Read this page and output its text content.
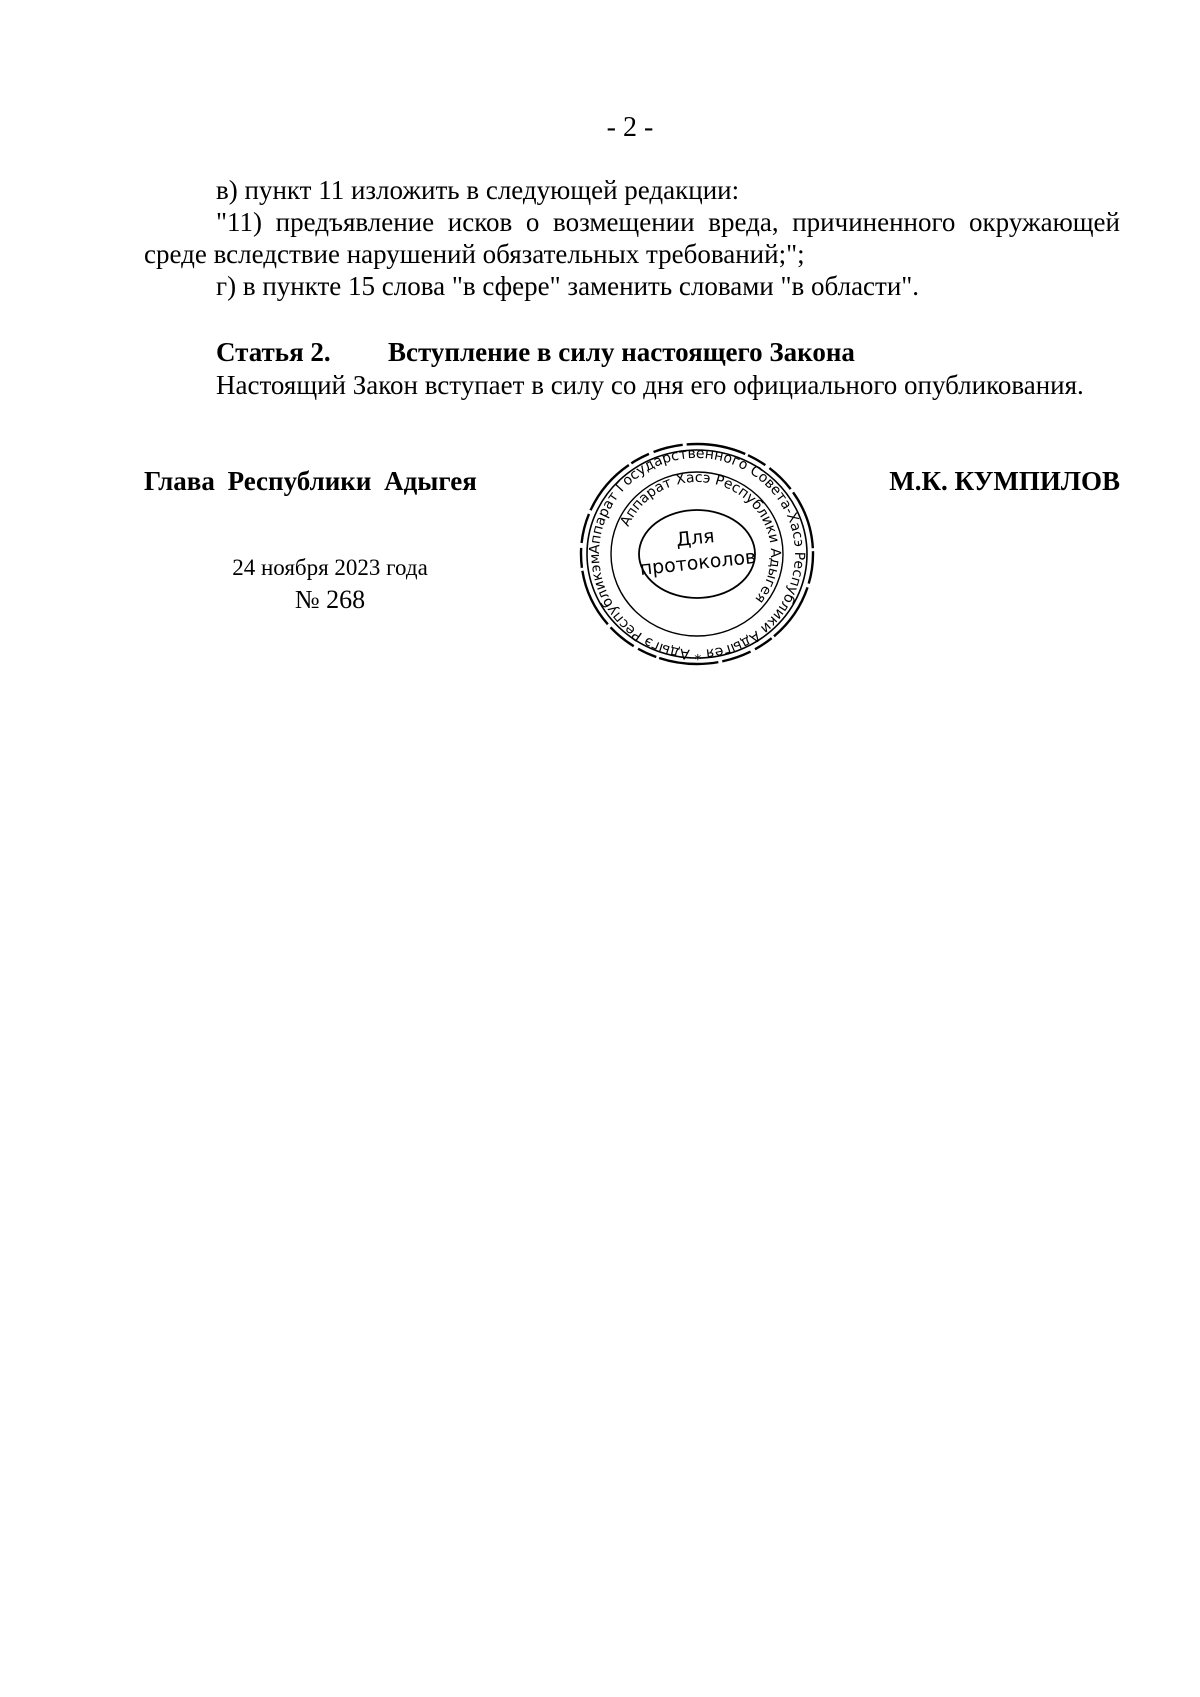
- 2 -

в) пункт 11 изложить в следующей редакции:

"11) предъявление исков о возмещении вреда, причиненного окружающей среде вследствие нарушений обязательных требований;";

г) в пункте 15 слова "в сфере" заменить словами "в области".

Статья 2. Вступление в силу настоящего Закона
Настоящий Закон вступает в силу со дня его официального опубликования.
Глава Республики Адыгея	М.К. КУМПИЛОВ
24 ноября 2023 года
№ 268
Аппарат Государственного Совета-Хасэ Республики Адыгея * Адыгэ Республикэм
Аппарат Хасэ Республики Адыгея
Для
протоколов
